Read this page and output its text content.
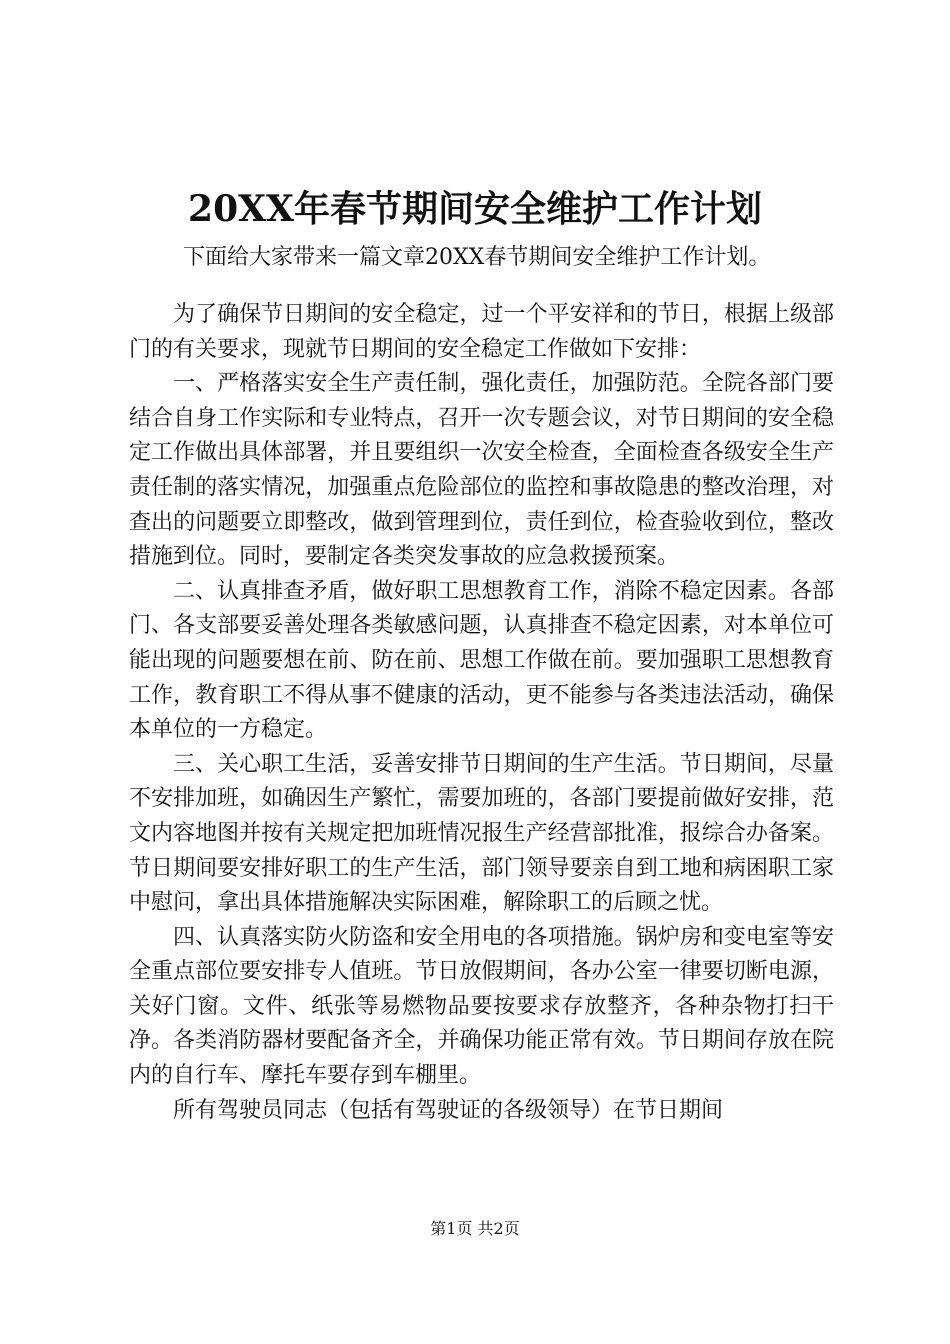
20XX年春节期间安全维护工作计划
下面给大家带来一篇文章20XX春节期间安全维护工作计划。

为了确保节日期间的安全稳定，过一个平安祥和的节日，根据上级部门的有关要求，现就节日期间的安全稳定工作做如下安排：

一、严格落实安全生产责任制，强化责任，加强防范。全院各部门要结合自身工作实际和专业特点，召开一次专题会议，对节日期间的安全稳定工作做出具体部署，并且要组织一次安全检查，全面检查各级安全生产责任制的落实情况，加强重点危险部位的监控和事故隐患的整改治理，对查出的问题要立即整改，做到管理到位，责任到位，检查验收到位，整改措施到位。同时，要制定各类突发事故的应急救援预案。

二、认真排查矛盾，做好职工思想教育工作，消除不稳定因素。各部门、各支部要妥善处理各类敏感问题，认真排查不稳定因素，对本单位可能出现的问题要想在前、防在前、思想工作做在前。要加强职工思想教育工作，教育职工不得从事不健康的活动，更不能参与各类违法活动，确保本单位的一方稳定。

三、关心职工生活，妥善安排节日期间的生产生活。节日期间，尽量不安排加班，如确因生产繁忙，需要加班的，各部门要提前做好安排，范文内容地图并按有关规定把加班情况报生产经营部批准，报综合办备案。节日期间要安排好职工的生产生活，部门领导要亲自到工地和病困职工家中慰问，拿出具体措施解决实际困难，解除职工的后顾之忧。

四、认真落实防火防盗和安全用电的各项措施。锅炉房和变电室等安全重点部位要安排专人值班。节日放假期间，各办公室一律要切断电源，关好门窗。文件、纸张等易燃物品要按要求存放整齐，各种杂物打扫干净。各类消防器材要配备齐全，并确保功能正常有效。节日期间存放在院内的自行车、摩托车要存到车棚里。

所有驾驶员同志（包括有驾驶证的各级领导）在节日期间

第1页 共2页
